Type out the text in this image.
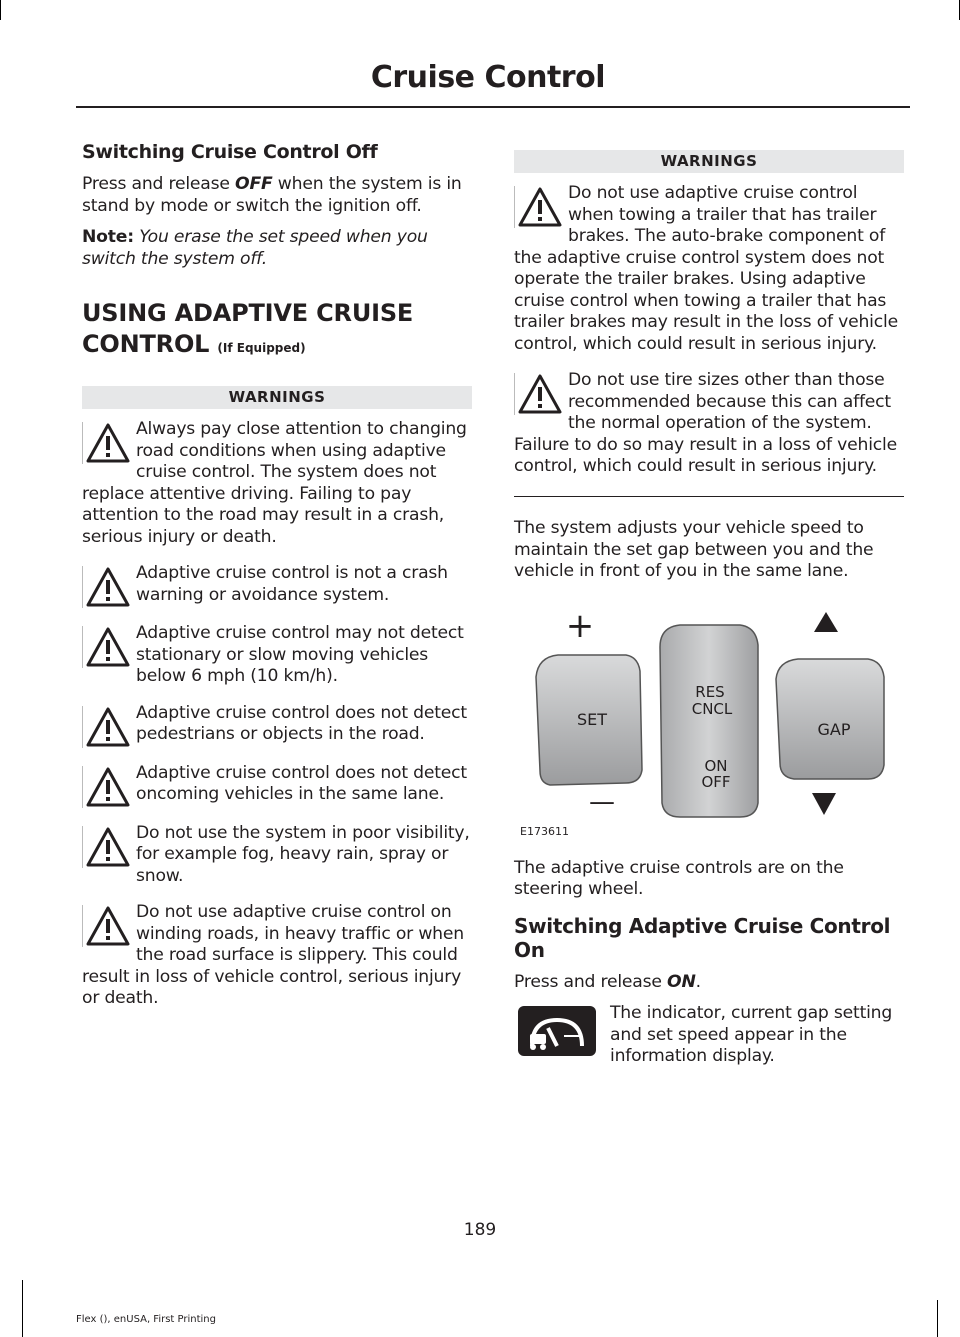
Cruise Control
Switching Cruise Control Off

Press and release OFF when the system is in stand by mode or switch the ignition off.

Note: You erase the set speed when you switch the system off.

USING ADAPTIVE CRUISE
CONTROL (If Equipped)
WARNINGS

Always pay close attention to changing road conditions when using adaptive cruise control. The system does not replace attentive driving. Failing to pay attention to the road may result in a crash, serious injury or death.

Adaptive cruise control is not a crash warning or avoidance system.

Adaptive cruise control may not detect stationary or slow moving vehicles below 6 mph (10 km/h).

Adaptive cruise control does not detect pedestrians or objects in the road.

Adaptive cruise control does not detect oncoming vehicles in the same lane.

Do not use the system in poor visibility, for example fog, heavy rain, spray or snow.

Do not use adaptive cruise control on winding roads, in heavy traffic or when the road surface is slippery. This could result in loss of vehicle control, serious injury or death.

WARNINGS

Do not use adaptive cruise control when towing a trailer that has trailer brakes. The auto-brake component of the adaptive cruise control system does not operate the trailer brakes. Using adaptive cruise control when towing a trailer that has trailer brakes may result in the loss of vehicle control, which could result in serious injury.

Do not use tire sizes other than those recommended because this can affect the normal operation of the system. Failure to do so may result in a loss of vehicle control, which could result in serious injury.

The system adjusts your vehicle speed to maintain the set gap between you and the vehicle in front of you in the same lane.

+
—
SET
RES
CNCL
ON
OFF
GAP
E173611

The adaptive cruise controls are on the steering wheel.

Switching Adaptive Cruise Control On

Press and release ON.

The indicator, current gap setting and set speed appear in the information display.

189
Flex (), enUSA, First Printing
